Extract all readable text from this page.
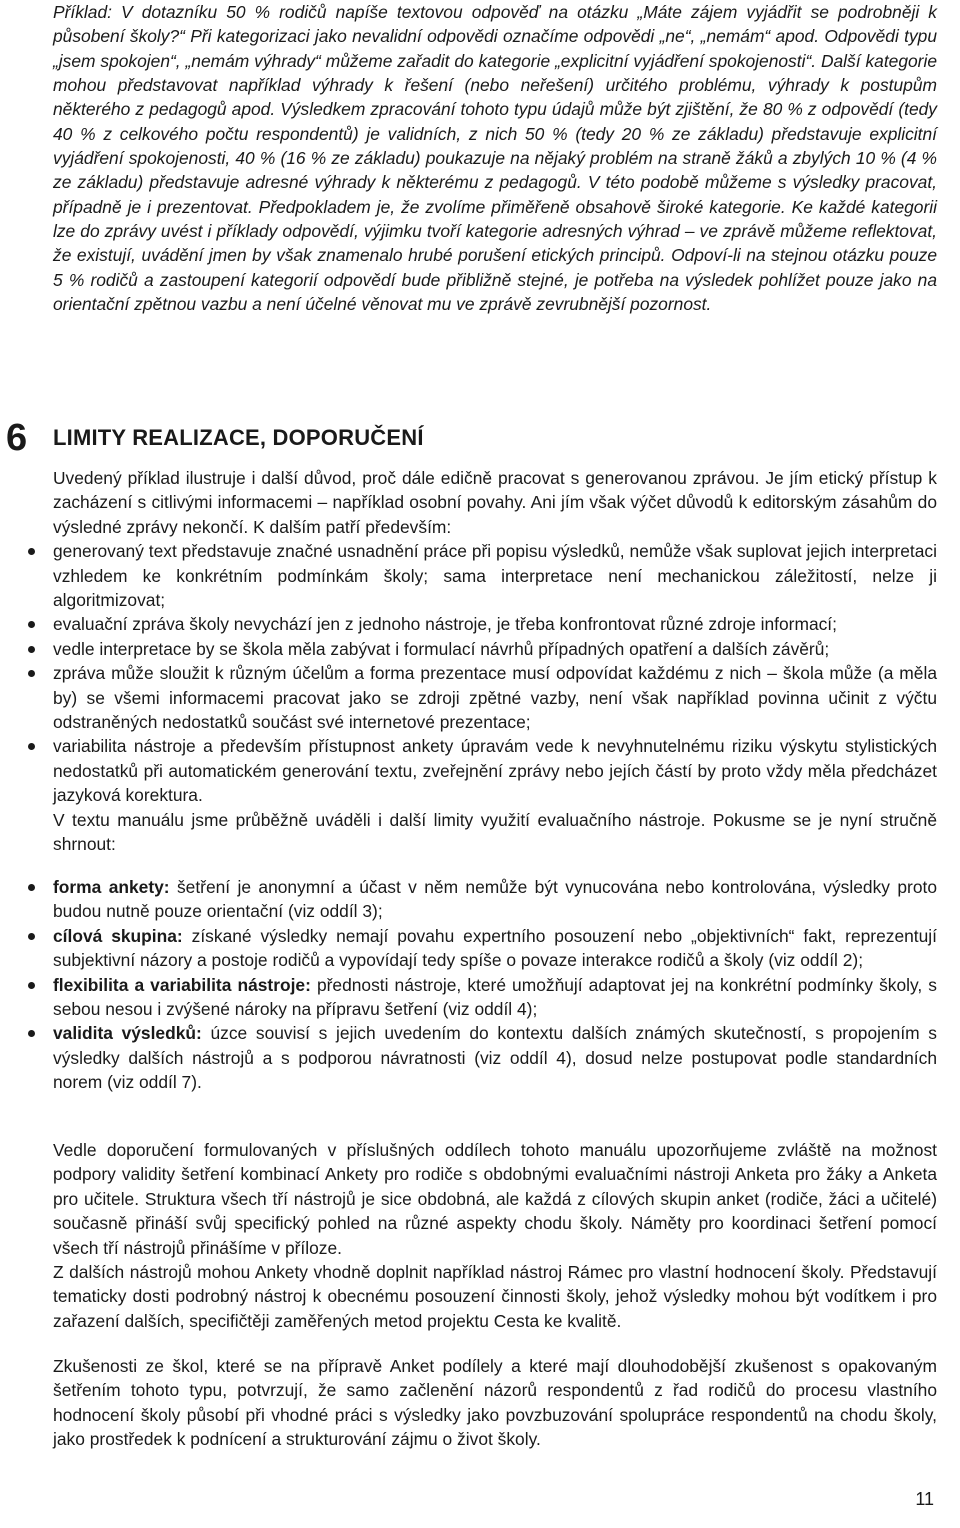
Příklad: V dotazníku 50 % rodičů napíše textovou odpověď na otázku „Máte zájem vyjádřit se podrobněji k působení školy?“ Při kategorizaci jako nevalidní odpovědi označíme odpovědi „ne“, „nemám“ apod. Odpovědi typu „jsem spokojen“, „nemám výhrady“ můžeme zařadit do kategorie „explicitní vyjádření spokojenosti“. Další kategorie mohou představovat například výhrady k řešení (nebo neřešení) určitého problému, výhrady k postupům některého z pedagogů apod. Výsledkem zpracování tohoto typu údajů může být zjištění, že 80 % z odpovědí (tedy 40 % z celkového počtu respondentů) je validních, z nich 50 % (tedy 20 % ze základu) představuje explicitní vyjádření spokojenosti, 40 % (16 % ze základu) poukazuje na nějaký problém na straně žáků a zbylých 10 % (4 % ze základu) představuje adresné výhrady k některému z pedagogů. V této podobě můžeme s výsledky pracovat, případně je i prezentovat. Předpokladem je, že zvolíme přiměřeně obsahově široké kategorie. Ke každé kategorii lze do zprávy uvést i příklady odpovědí, výjimku tvoří kategorie adresných výhrad – ve zprávě můžeme reflektovat, že existují, uvádění jmen by však znamenalo hrubé porušení etických principů. Odpoví-li na stejnou otázku pouze 5 % rodičů a zastoupení kategorií odpovědí bude přibližně stejné, je potřeba na výsledek pohlížet pouze jako na orientační zpětnou vazbu a není účelné věnovat mu ve zprávě zevrubnější pozornost.

6 LIMITY REALIZACE, DOPORUČENÍ

Uvedený příklad ilustruje i další důvod, proč dále edičně pracovat s generovanou zprávou. Je jím etický přístup k zacházení s citlivými informacemi – například osobní povahy. Ani jím však výčet důvodů k editorským zásahům do výsledné zprávy nekončí. K dalším patří především:

generovaný text představuje značné usnadnění práce při popisu výsledků, nemůže však suplovat jejich interpretaci vzhledem ke konkrétním podmínkám školy; sama interpretace není mechanickou záležitostí, nelze ji algoritmizovat;
evaluační zpráva školy nevychází jen z jednoho nástroje, je třeba konfrontovat různé zdroje informací;
vedle interpretace by se škola měla zabývat i formulací návrhů případných opatření a dalších závěrů;
zpráva může sloužit k různým účelům a forma prezentace musí odpovídat každému z nich – škola může (a měla by) se všemi informacemi pracovat jako se zdroji zpětné vazby, není však například povinna učinit z výčtu odstraněných nedostatků součást své internetové prezentace;
variabilita nástroje a především přístupnost ankety úpravám vede k nevyhnutelnému riziku výskytu stylistických nedostatků při automatickém generování textu, zveřejnění zprávy nebo jejích částí by proto vždy měla předcházet jazyková korektura.

V textu manuálu jsme průběžně uváděli i další limity využití evaluačního nástroje. Pokusme se je nyní stručně shrnout:

forma ankety: šetření je anonymní a účast v něm nemůže být vynucována nebo kontrolována, výsledky proto budou nutně pouze orientační (viz oddíl 3);
cílová skupina: získané výsledky nemají povahu expertního posouzení nebo „objektivních“ fakt, reprezentují subjektivní názory a postoje rodičů a vypovídají tedy spíše o povaze interakce rodičů a školy (viz oddíl 2);
flexibilita a variabilita nástroje: přednosti nástroje, které umožňují adaptovat jej na konkrétní podmínky školy, s sebou nesou i zvýšené nároky na přípravu šetření (viz oddíl 4);
validita výsledků: úzce souvisí s jejich uvedením do kontextu dalších známých skutečností, s propojením s výsledky dalších nástrojů a s podporou návratnosti (viz oddíl 4), dosud nelze postupovat podle standardních norem (viz oddíl 7).

Vedle doporučení formulovaných v příslušných oddílech tohoto manuálu upozorňujeme zvláště na možnost podpory validity šetření kombinací Ankety pro rodiče s obdobnými evaluačními nástroji Anketa pro žáky a Anketa pro učitele. Struktura všech tří nástrojů je sice obdobná, ale každá z cílových skupin anket (rodiče, žáci a učitelé) současně přináší svůj specifický pohled na různé aspekty chodu školy. Náměty pro koordinaci šetření pomocí všech tří nástrojů přinášíme v příloze.

Z dalších nástrojů mohou Ankety vhodně doplnit například nástroj Rámec pro vlastní hodnocení školy. Představují tematicky dosti podrobný nástroj k obecnému posouzení činnosti školy, jehož výsledky mohou být vodítkem i pro zařazení dalších, specifičtěji zaměřených metod projektu Cesta ke kvalitě.

Zkušenosti ze škol, které se na přípravě Anket podílely a které mají dlouhodobější zkušenost s opakovaným šetřením tohoto typu, potvrzují, že samo začlenění názorů respondentů z řad rodičů do procesu vlastního hodnocení školy působí při vhodné práci s výsledky jako povzbuzování spolupráce respondentů na chodu školy, jako prostředek k podnícení a strukturování zájmu o život školy.

11
